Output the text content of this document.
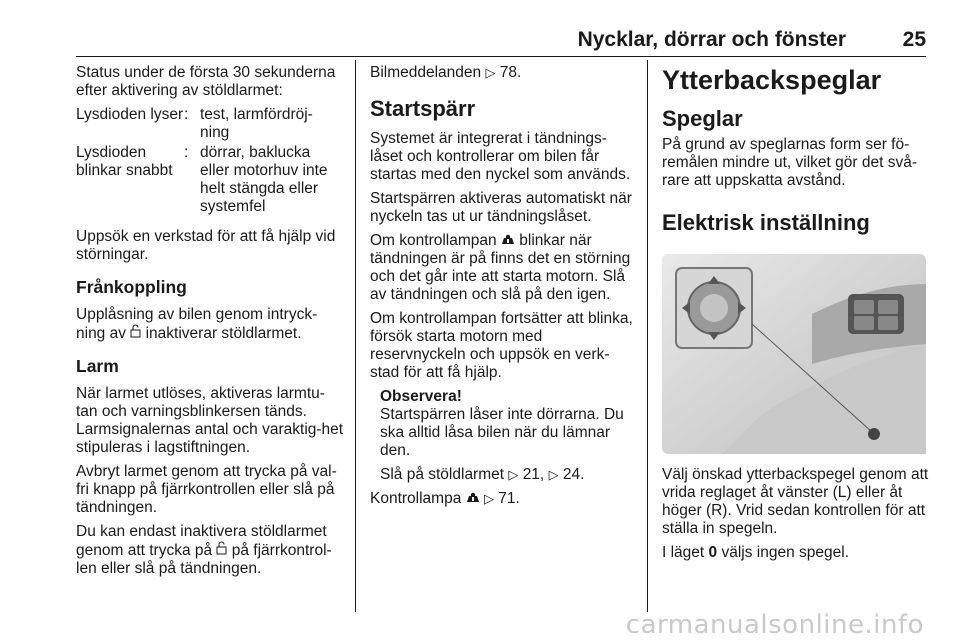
Nycklar, dörrar och fönster	25

Status under de första 30 sekunderna efter aktivering av stöldlarmet:

Lysdioden lyser : test, larmfördröj-ning
Lysdioden blinkar snabbt
: dörrar, baklucka eller motorhuv inte helt stängda eller systemfel

Uppsök en verkstad för att få hjälp vid störningar.

Frånkoppling

Upplåsning av bilen genom intryck-ning av inaktiverar stöldlarmet.

Larm

När larmet utlöses, aktiveras larmtu-tan och varningsblinkersen tänds. Larmsignalernas antal och varaktig-het stipuleras i lagstiftningen.

Avbryt larmet genom att trycka på val-fri knapp på fjärrkontrollen eller slå på tändningen.

Du kan endast inaktivera stöldlarmet genom att trycka på på fjärrkontrol-len eller slå på tändningen.

Bilmeddelanden ▷ 78.

Startspärr

Systemet är integrerat i tändnings-låset och kontrollerar om bilen får startas med den nyckel som används.

Startspärren aktiveras automatiskt när nyckeln tas ut ur tändningslåset.

Om kontrollampan blinkar när tändningen är på finns det en störning och det går inte att starta motorn. Slå av tändningen och slå på den igen.

Om kontrollampan fortsätter att blinka, försök starta motorn med reservnyckeln och uppsök en verk-stad för att få hjälp.

Observera!

Startspärren låser inte dörrarna. Du ska alltid låsa bilen när du lämnar den.

Slå på stöldlarmet ▷ 21, ▷ 24.

Kontrollampa ▷ 71.

Ytterbackspeglar
Speglar

På grund av speglarnas form ser fö-remålen mindre ut, vilket gör det svå-rare att uppskatta avstånd.

Elektrisk inställning

Välj önskad ytterbackspegel genom att vrida reglaget åt vänster (L) eller åt höger (R). Vrid sedan kontrollen för att ställa in spegeln.

I läget 0 väljs ingen spegel.

carmanualsonline.info
